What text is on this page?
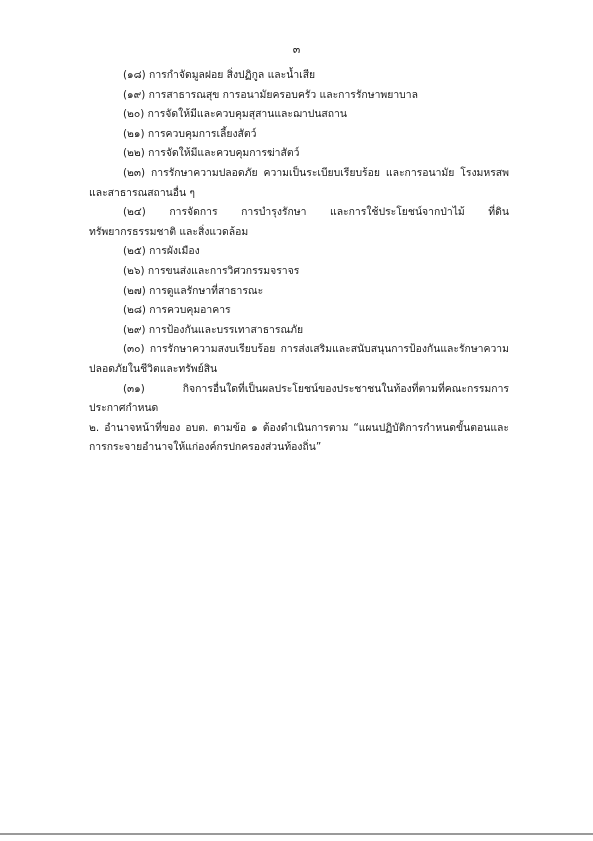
๓

(๑๘) การกำจัดมูลฝอย สิ่งปฏิกูล และน้ำเสีย

(๑๙) การสาธารณสุข การอนามัยครอบครัว และการรักษาพยาบาล

(๒๐) การจัดให้มีและควบคุมสุสานและฌาปนสถาน

(๒๑) การควบคุมการเลี้ยงสัตว์

(๒๒) การจัดให้มีและควบคุมการฆ่าสัตว์

(๒๓) การรักษาความปลอดภัย ความเป็นระเบียบเรียบร้อย และการอนามัย โรงมหรสพ และสาธารณสถานอื่น ๆ

(๒๔) การจัดการ การบำรุงรักษา และการใช้ประโยชน์จากป่าไม้ ที่ดินทรัพยากรธรรมชาติ และสิ่งแวดล้อม

(๒๕) การผังเมือง

(๒๖) การขนส่งและการวิศวกรรมจราจร

(๒๗) การดูแลรักษาที่สาธารณะ

(๒๘) การควบคุมอาคาร

(๒๙) การป้องกันและบรรเทาสาธารณภัย

(๓๐) การรักษาความสงบเรียบร้อย การส่งเสริมและสนับสนุนการป้องกันและรักษาความปลอดภัยในชีวิตและทรัพย์สิน

(๓๑) กิจการอื่นใดที่เป็นผลประโยชน์ของประชาชนในท้องที่ตามที่คณะกรรมการประกาศกำหนด

๒. อำนาจหน้าที่ของ อบต. ตามข้อ ๑ ต้องดำเนินการตาม “แผนปฏิบัติการกำหนดขั้นตอนและการกระจายอำนาจให้แก่องค์กรปกครองส่วนท้องถิ่น”
